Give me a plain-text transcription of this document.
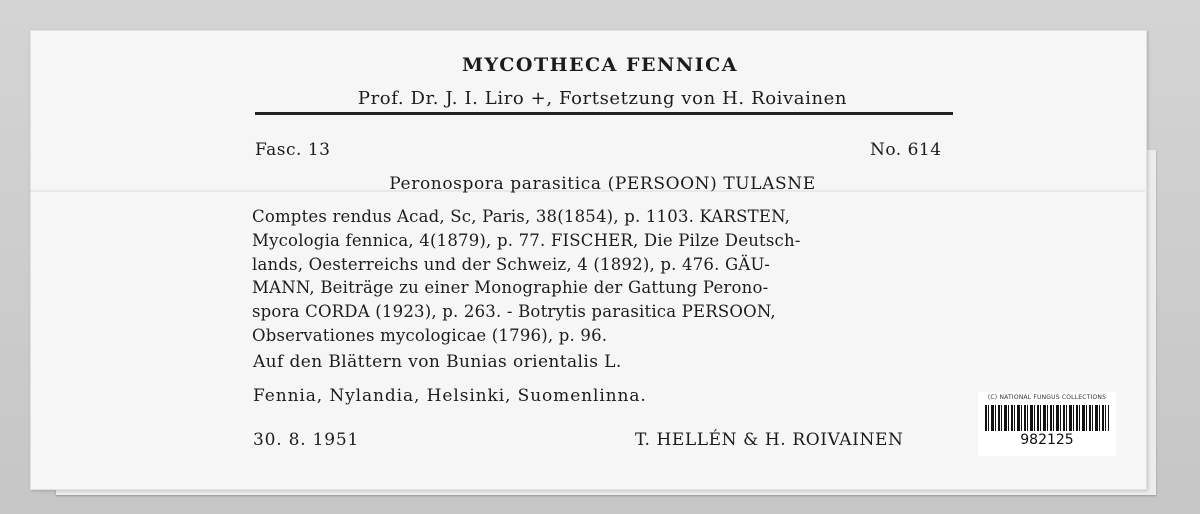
MYCOTHECA FENNICA
Prof. Dr. J. I. Liro +, Fortsetzung von H. Roivainen
Fasc. 13	No. 614
Peronospora parasitica (PERSOON) TULASNE
Comptes rendus Acad, Sc, Paris, 38(1854), p. 1103. KARSTEN,
Mycologia fennica, 4(1879), p. 77. FISCHER, Die Pilze Deutsch-
lands, Oesterreichs und der Schweiz, 4 (1892), p. 476. GÄU-
MANN, Beiträge zu einer Monographie der Gattung Perono-
spora CORDA (1923), p. 263. - Botrytis parasitica PERSOON,
Observationes mycologicae (1796), p. 96.
Auf den Blättern von Bunias orientalis L.
Fennia, Nylandia, Helsinki, Suomenlinna.
30. 8. 1951	T. HELLÉN & H. ROIVAINEN
(C) NATIONAL FUNGUS COLLECTIONS
982125
